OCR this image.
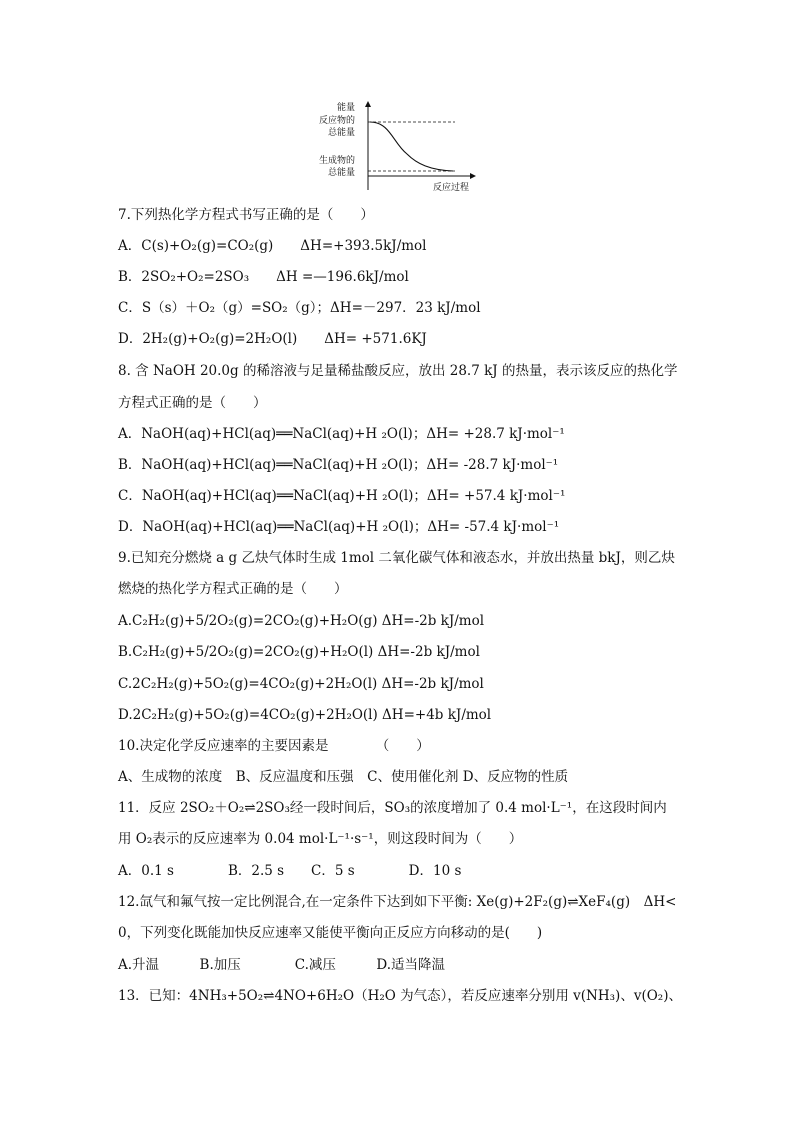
能量
反应物的
总能量
生成物的
总能量
反应过程
7.下列热化学方程式书写正确的是（　　）
A．C(s)+O₂(g)=CO₂(g)　　ΔH=+393.5kJ/mol
B．2SO₂+O₂=2SO₃　　ΔH =—196.6kJ/mol
C．S（s）＋O₂（g）=SO₂（g）；ΔH=－297．23 kJ/mol
D．2H₂(g)+O₂(g)=2H₂O(l)　　ΔH= +571.6KJ
8. 含 NaOH 20.0g 的稀溶液与足量稀盐酸反应，放出 28.7 kJ 的热量，表示该反应的热化学
方程式正确的是（　　）
A．NaOH(aq)+HCl(aq)══NaCl(aq)+H ₂O(l)；ΔH= +28.7 kJ·mol⁻¹
B．NaOH(aq)+HCl(aq)══NaCl(aq)+H ₂O(l)；ΔH= -28.7 kJ·mol⁻¹
C．NaOH(aq)+HCl(aq)══NaCl(aq)+H ₂O(l)；ΔH= +57.4 kJ·mol⁻¹
D．NaOH(aq)+HCl(aq)══NaCl(aq)+H ₂O(l)；ΔH= -57.4 kJ·mol⁻¹
9.已知充分燃烧 a g 乙炔气体时生成 1mol 二氧化碳气体和液态水，并放出热量 bkJ，则乙炔
燃烧的热化学方程式正确的是（　　）
A.C₂H₂(g)+5/2O₂(g)=2CO₂(g)+H₂O(g) ΔH=-2b kJ/mol
B.C₂H₂(g)+5/2O₂(g)=2CO₂(g)+H₂O(l) ΔH=-2b kJ/mol
C.2C₂H₂(g)+5O₂(g)=4CO₂(g)+2H₂O(l) ΔH=-2b kJ/mol
D.2C₂H₂(g)+5O₂(g)=4CO₂(g)+2H₂O(l) ΔH=+4b kJ/mol
10.决定化学反应速率的主要因素是　　　　（　　）
A、生成物的浓度　B、反应温度和压强　C、使用催化剂 D、反应物的性质
11．反应 2SO₂＋O₂⇌2SO₃经一段时间后，SO₃的浓度增加了 0.4 mol·L⁻¹，在这段时间内
用 O₂表示的反应速率为 0.04 mol·L⁻¹·s⁻¹，则这段时间为（　　）
A．0.1 s　　　　B．2.5 s　　C．5 s　　　　D．10 s
12.氙气和氟气按一定比例混合,在一定条件下达到如下平衡: Xe(g)+2F₂(g)⇌XeF₄(g)　ΔH<
0，下列变化既能加快反应速率又能使平衡向正反应方向移动的是(　　)
A.升温　　　B.加压　　　　C.减压　　　D.适当降温
13．已知：4NH₃+5O₂⇌4NO+6H₂O（H₂O 为气态），若反应速率分别用 v(NH₃)、v(O₂)、
